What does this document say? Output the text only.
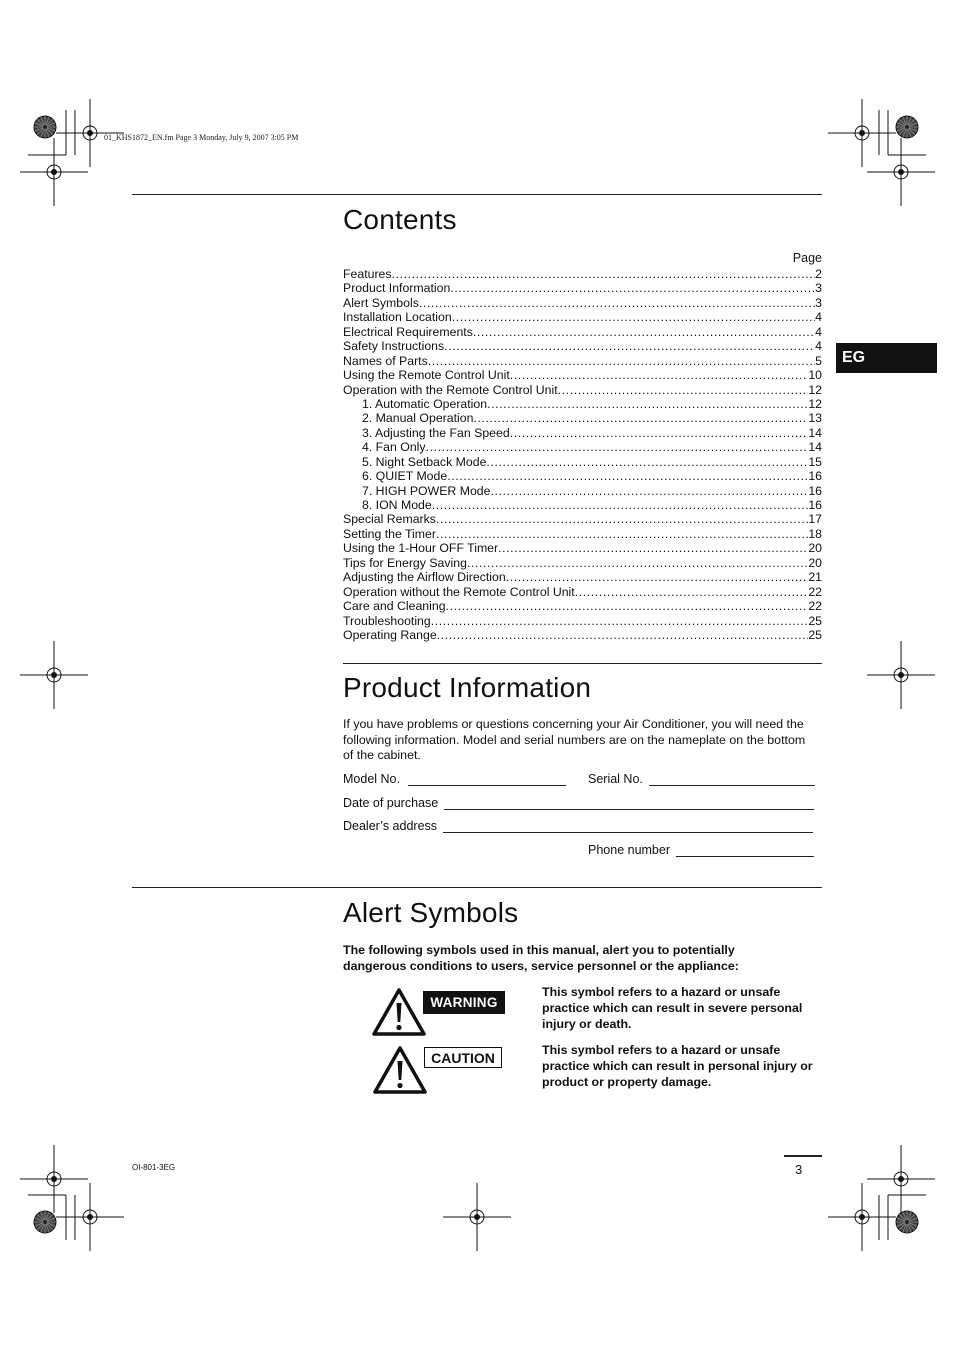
01_KHS1872_EN.fm Page 3 Monday, July 9, 2007 3:05 PM
Contents
Page
Features .....	2
Product Information .....	3
Alert Symbols .....	3
Installation Location .....	4
Electrical Requirements .....	4
Safety Instructions .....	4
Names of Parts .....	5
Using the Remote Control Unit .....	10
Operation with the Remote Control Unit .....	12
1. Automatic Operation .....	12
2. Manual Operation .....	13
3. Adjusting the Fan Speed .....	14
4. Fan Only .....	14
5. Night Setback Mode .....	15
6. QUIET Mode .....	16
7. HIGH POWER Mode .....	16
8. ION Mode .....	16
Special Remarks .....	17
Setting the Timer .....	18
Using the 1-Hour OFF Timer .....	20
Tips for Energy Saving .....	20
Adjusting the Airflow Direction .....	21
Operation without the Remote Control Unit .....	22
Care and Cleaning .....	22
Troubleshooting .....	25
Operating Range .....	25
EG
Product Information
If you have problems or questions concerning your Air Conditioner, you will need the following information. Model and serial numbers are on the nameplate on the bottom of the cabinet.
Model No.	Serial No.
Date of purchase
Dealer’s address
Phone number
Alert Symbols
The following symbols used in this manual, alert you to potentially dangerous conditions to users, service personnel or the appliance:
WARNING
This symbol refers to a hazard or unsafe practice which can result in severe personal injury or death.
CAUTION	This symbol refers to a hazard or unsafe practice which can result in personal injury or product or property damage.
OI-801-3EG	3
